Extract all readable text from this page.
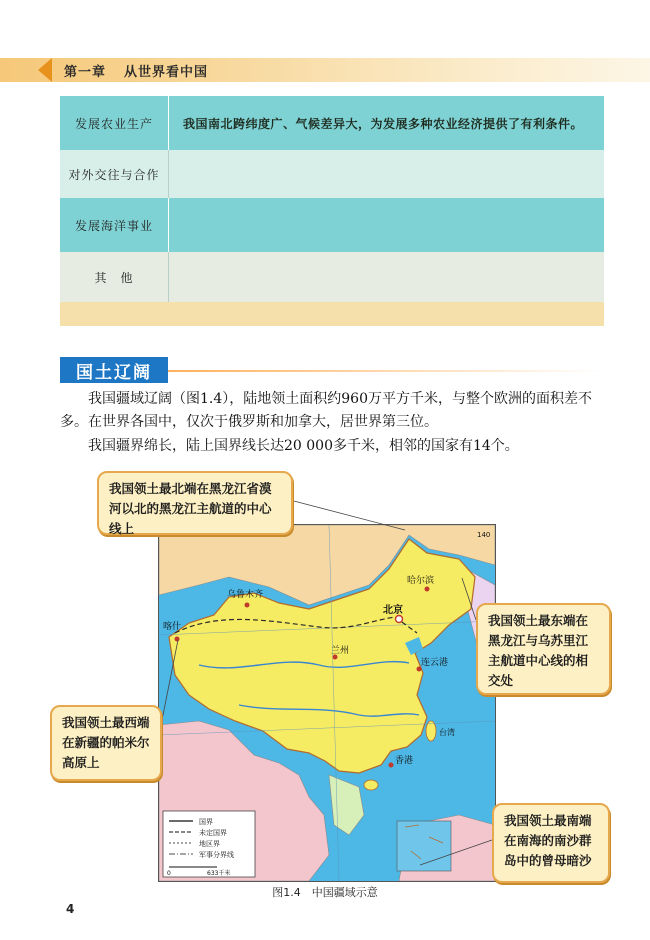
第一章 从世界看中国
发展农业生产	我国南北跨纬度广、气候差异大，为发展多种农业经济提供了有利条件。
对外交往与合作
发展海洋事业
其　他
国土辽阔
我国疆域辽阔（图1.4），陆地领土面积约960万平方千米，与整个欧洲的面积差不多。在世界各国中，仅次于俄罗斯和加拿大，居世界第三位。
我国疆界绵长，陆上国界线长达20 000多千米，相邻的国家有14个。
哈尔滨
乌鲁木齐
喀什
北京
兰州
连云港
香港
台湾
140
国界
未定国界
地区界
军事分界线
0	633千米
我国领土最北端在黑龙江省漠河以北的黑龙江主航道的中心线上
我国领土最东端在黑龙江与乌苏里江主航道中心线的相交处
我国领土最西端在新疆的帕米尔高原上
我国领土最南端在南海的南沙群岛中的曾母暗沙
图1.4　中国疆域示意
4
